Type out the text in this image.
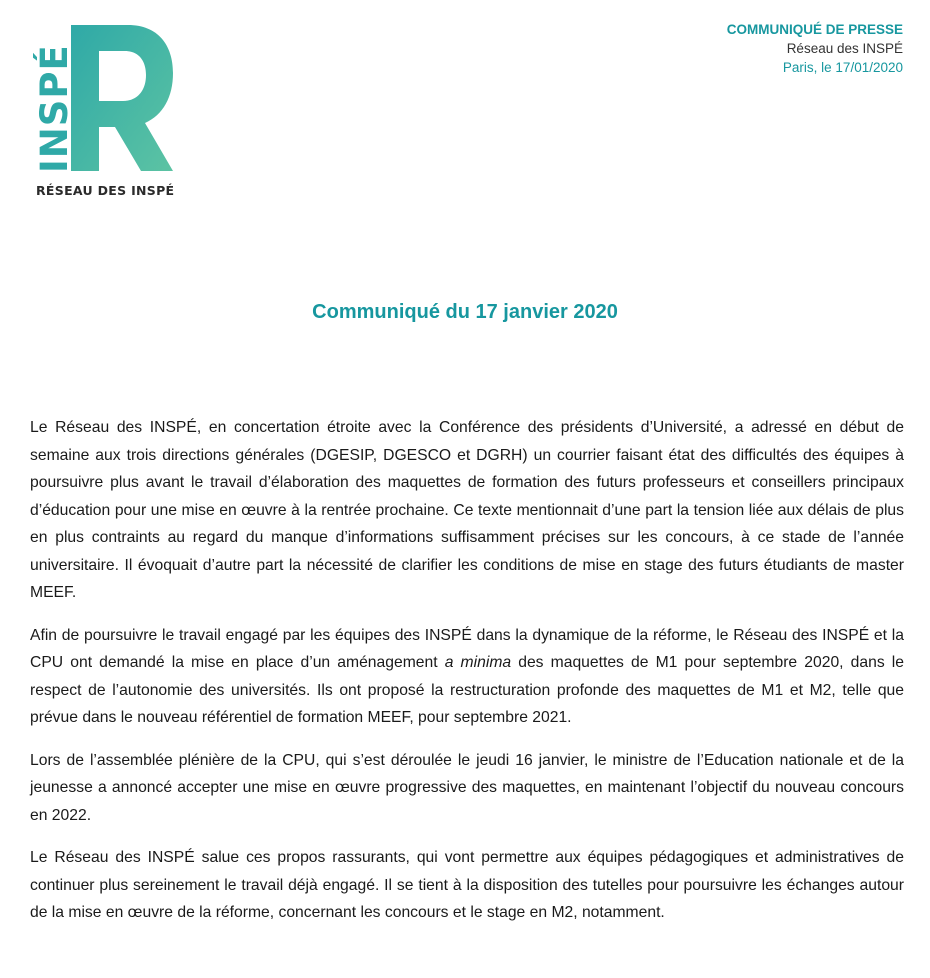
INSPÉ
RÉSEAU DES INSPÉ
COMMUNIQUÉ DE PRESSE
Réseau des INSPÉ
Paris, le 17/01/2020
Communiqué du 17 janvier 2020

Le Réseau des INSPÉ, en concertation étroite avec la Conférence des présidents d’Université, a adressé en début de semaine aux trois directions générales (DGESIP, DGESCO et DGRH) un courrier faisant état des difficultés des équipes à poursuivre plus avant le travail d’élaboration des maquettes de formation des futurs professeurs et conseillers principaux d’éducation pour une mise en œuvre à la rentrée prochaine. Ce texte mentionnait d’une part la tension liée aux délais de plus en plus contraints au regard du manque d’informations suffisamment précises sur les concours, à ce stade de l’année universitaire. Il évoquait d’autre part la nécessité de clarifier les conditions de mise en stage des futurs étudiants de master MEEF.

Afin de poursuivre le travail engagé par les équipes des INSPÉ dans la dynamique de la réforme, le Réseau des INSPÉ et la CPU ont demandé la mise en place d’un aménagement a minima des maquettes de M1 pour septembre 2020, dans le respect de l’autonomie des universités. Ils ont proposé la restructuration profonde des maquettes de M1 et M2, telle que prévue dans le nouveau référentiel de formation MEEF, pour septembre 2021.

Lors de l’assemblée plénière de la CPU, qui s’est déroulée le jeudi 16 janvier, le ministre de l’Education nationale et de la jeunesse a annoncé accepter une mise en œuvre progressive des maquettes, en maintenant l’objectif du nouveau concours en 2022.

Le Réseau des INSPÉ salue ces propos rassurants, qui vont permettre aux équipes pédagogiques et administratives de continuer plus sereinement le travail déjà engagé. Il se tient à la disposition des tutelles pour poursuivre les échanges autour de la mise en œuvre de la réforme, concernant les concours et le stage en M2, notamment.
